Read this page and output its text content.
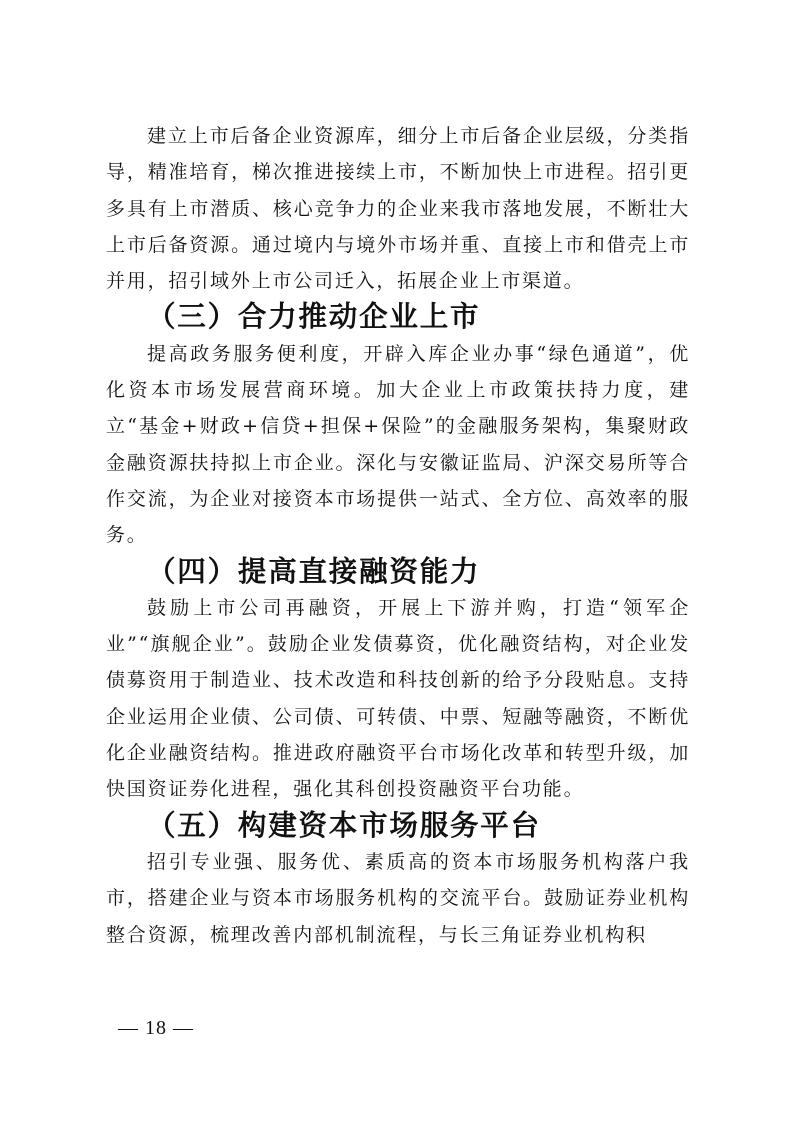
建立上市后备企业资源库，细分上市后备企业层级，分类指导，精准培育，梯次推进接续上市，不断加快上市进程。招引更多具有上市潜质、核心竞争力的企业来我市落地发展，不断壮大上市后备资源。通过境内与境外市场并重、直接上市和借壳上市并用，招引域外上市公司迁入，拓展企业上市渠道。

（三）合力推动企业上市

提高政务服务便利度，开辟入库企业办事“绿色通道”，优化资本市场发展营商环境。加大企业上市政策扶持力度，建立“基金+财政+信贷+担保+保险”的金融服务架构，集聚财政金融资源扶持拟上市企业。深化与安徽证监局、沪深交易所等合作交流，为企业对接资本市场提供一站式、全方位、高效率的服务。

（四）提高直接融资能力

鼓励上市公司再融资，开展上下游并购，打造“领军企业”“旗舰企业”。鼓励企业发债募资，优化融资结构，对企业发债募资用于制造业、技术改造和科技创新的给予分段贴息。支持企业运用企业债、公司债、可转债、中票、短融等融资，不断优化企业融资结构。推进政府融资平台市场化改革和转型升级，加快国资证券化进程，强化其科创投资融资平台功能。

（五）构建资本市场服务平台

招引专业强、服务优、素质高的资本市场服务机构落户我市，搭建企业与资本市场服务机构的交流平台。鼓励证券业机构整合资源，梳理改善内部机制流程，与长三角证券业机构积

— 18 —
